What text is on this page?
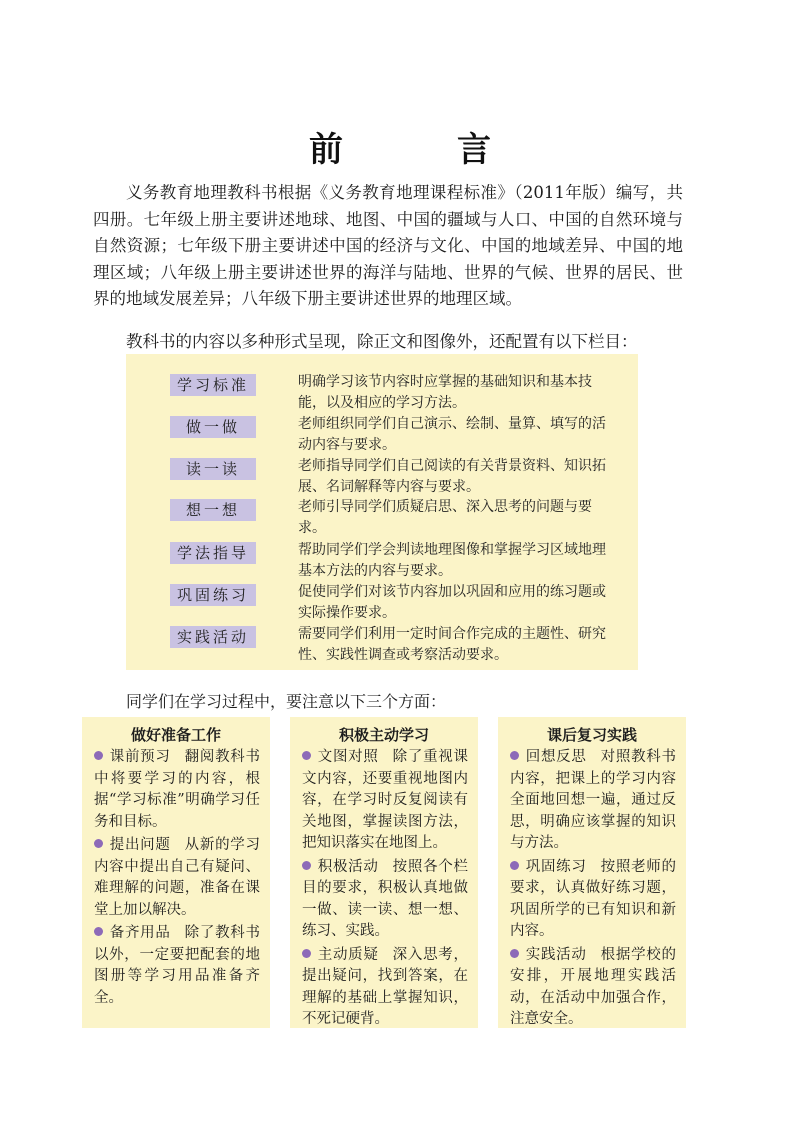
前　言

义务教育地理教科书根据《义务教育地理课程标准》（2011年版）编写，共四册。七年级上册主要讲述地球、地图、中国的疆域与人口、中国的自然环境与自然资源；七年级下册主要讲述中国的经济与文化、中国的地域差异、中国的地理区域；八年级上册主要讲述世界的海洋与陆地、世界的气候、世界的居民、世界的地域发展差异；八年级下册主要讲述世界的地理区域。

教科书的内容以多种形式呈现，除正文和图像外，还配置有以下栏目：

学习标准	明确学习该节内容时应掌握的基础知识和基本技能，以及相应的学习方法。
做一做	老师组织同学们自己演示、绘制、量算、填写的活动内容与要求。
读一读	老师指导同学们自己阅读的有关背景资料、知识拓展、名词解释等内容与要求。
想一想	老师引导同学们质疑启思、深入思考的问题与要求。
学法指导	帮助同学们学会判读地理图像和掌握学习区域地理基本方法的内容与要求。
巩固练习	促使同学们对该节内容加以巩固和应用的练习题或实际操作要求。
实践活动	需要同学们利用一定时间合作完成的主题性、研究性、实践性调查或考察活动要求。

同学们在学习过程中，要注意以下三个方面：

做好准备工作

课前预习 翻阅教科书中将要学习的内容，根据“学习标准”明确学习任务和目标。

提出问题 从新的学习内容中提出自己有疑问、难理解的问题，准备在课堂上加以解决。

备齐用品 除了教科书以外，一定要把配套的地图册等学习用品准备齐全。

积极主动学习

文图对照 除了重视课文内容，还要重视地图内容，在学习时反复阅读有关地图，掌握读图方法，把知识落实在地图上。

积极活动 按照各个栏目的要求，积极认真地做一做、读一读、想一想、练习、实践。

主动质疑 深入思考，提出疑问，找到答案，在理解的基础上掌握知识，不死记硬背。

课后复习实践

回想反思 对照教科书内容，把课上的学习内容全面地回想一遍，通过反思，明确应该掌握的知识与方法。

巩固练习 按照老师的要求，认真做好练习题，巩固所学的已有知识和新内容。

实践活动 根据学校的安排，开展地理实践活动，在活动中加强合作，注意安全。
